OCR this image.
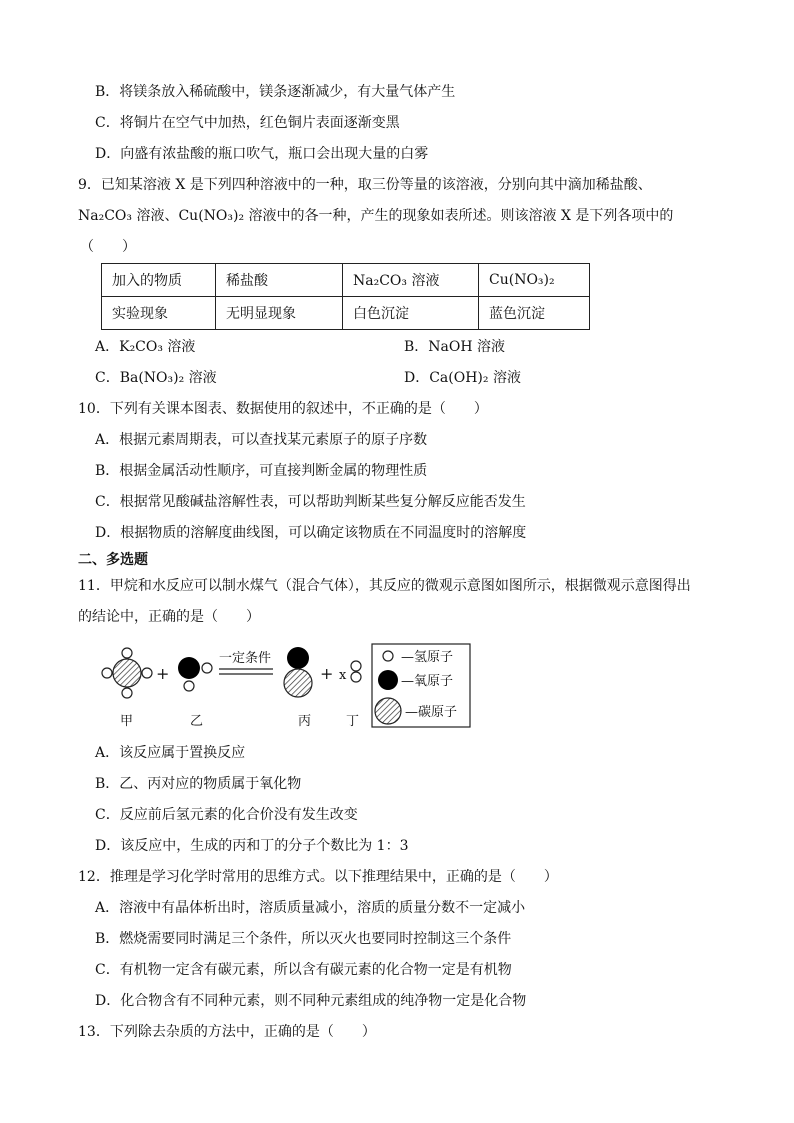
B．将镁条放入稀硫酸中，镁条逐渐减少，有大量气体产生
C．将铜片在空气中加热，红色铜片表面逐渐变黑
D．向盛有浓盐酸的瓶口吹气，瓶口会出现大量的白雾
9．已知某溶液 X 是下列四种溶液中的一种，取三份等量的该溶液，分别向其中滴加稀盐酸、
Na₂CO₃ 溶液、Cu(NO₃)₂ 溶液中的各一种，产生的现象如表所述。则该溶液 X 是下列各项中的
（　　）
加入的物质	稀盐酸	Na₂CO₃ 溶液	Cu(NO₃)₂
实验现象	无明显现象	白色沉淀	蓝色沉淀
A．K₂CO₃ 溶液	B．NaOH 溶液
C．Ba(NO₃)₂ 溶液	D．Ca(OH)₂ 溶液
10．下列有关课本图表、数据使用的叙述中，不正确的是（　　）
A．根据元素周期表，可以查找某元素原子的原子序数
B．根据金属活动性顺序，可直接判断金属的物理性质
C．根据常见酸碱盐溶解性表，可以帮助判断某些复分解反应能否发生
D．根据物质的溶解度曲线图，可以确定该物质在不同温度时的溶解度
二、多选题
11．甲烷和水反应可以制水煤气（混合气体），其反应的微观示意图如图所示，根据微观示意图得出
的结论中，正确的是（　　）
+
一定条件
+ x
甲	乙	丙	丁
—氢原子
—氧原子
—碳原子
A．该反应属于置换反应
B．乙、丙对应的物质属于氧化物
C．反应前后氢元素的化合价没有发生改变
D．该反应中，生成的丙和丁的分子个数比为 1：3
12．推理是学习化学时常用的思维方式。以下推理结果中，正确的是（　　）
A．溶液中有晶体析出时，溶质质量减小，溶质的质量分数不一定减小
B．燃烧需要同时满足三个条件，所以灭火也要同时控制这三个条件
C．有机物一定含有碳元素，所以含有碳元素的化合物一定是有机物
D．化合物含有不同种元素，则不同种元素组成的纯净物一定是化合物
13．下列除去杂质的方法中，正确的是（　　）
